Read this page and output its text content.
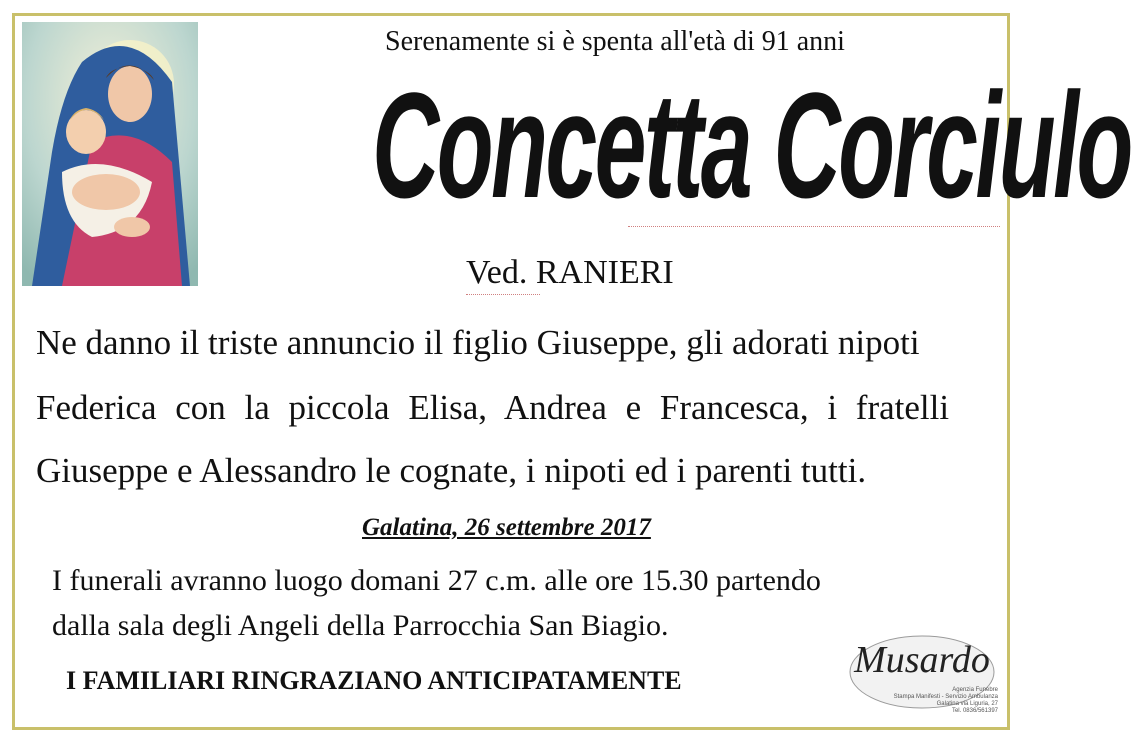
Serenamente si è spenta all'età di 91 anni
Concetta Corciulo
Ved. RANIERI
Ne danno il triste annuncio il figlio Giuseppe, gli adorati nipoti
Federica con la piccola Elisa, Andrea e Francesca, i fratelli
Giuseppe e Alessandro le cognate, i nipoti ed i parenti tutti.
Galatina, 26 settembre 2017
I funerali avranno luogo domani 27 c.m. alle ore 15.30 partendo
dalla sala degli Angeli della Parrocchia San Biagio.
I FAMILIARI RINGRAZIANO ANTICIPATAMENTE	Musardo
Agenzia Funebre
Stampa Manifesti - Servizio Ambulanza
Galatina via Liguria, 27
Tel. 0836/561397
